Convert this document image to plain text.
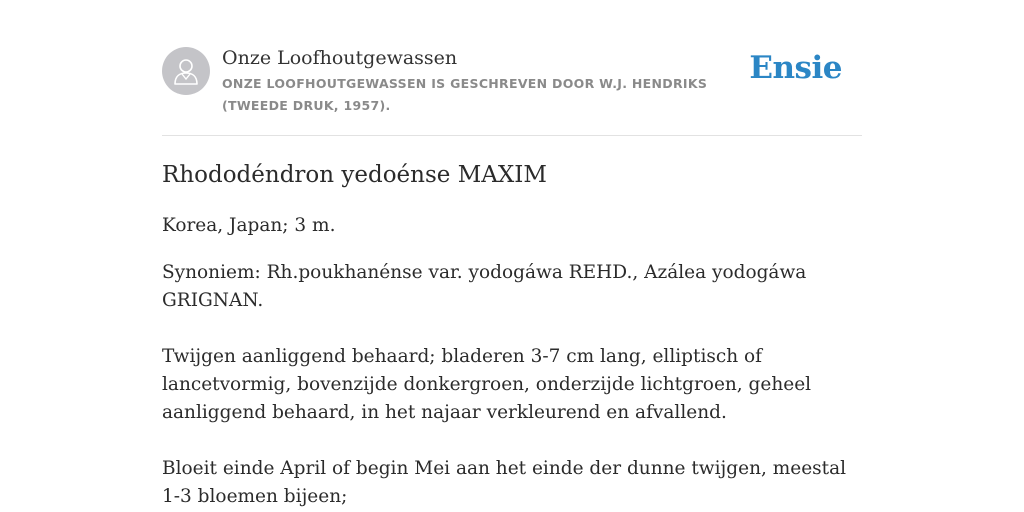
Onze Loofhoutgewassen

ONZE LOOFHOUTGEWASSEN IS GESCHREVEN DOOR W.J. HENDRIKS (TWEEDE DRUK, 1957).

Ensie
Rhododéndron yedoénse MAXIM

Korea, Japan; 3 m.

Synoniem: Rh.poukhanénse var. yodogáwa REHD., Azálea yodogáwa GRIGNAN.

Twijgen aanliggend behaard; bladeren 3-7 cm lang, elliptisch of lancetvormig, bovenzijde donkergroen, onderzijde lichtgroen, geheel aanliggend behaard, in het najaar verkleurend en afvallend.

Bloeit einde April of begin Mei aan het einde der dunne twijgen, meestal 1-3 bloemen bijeen;
